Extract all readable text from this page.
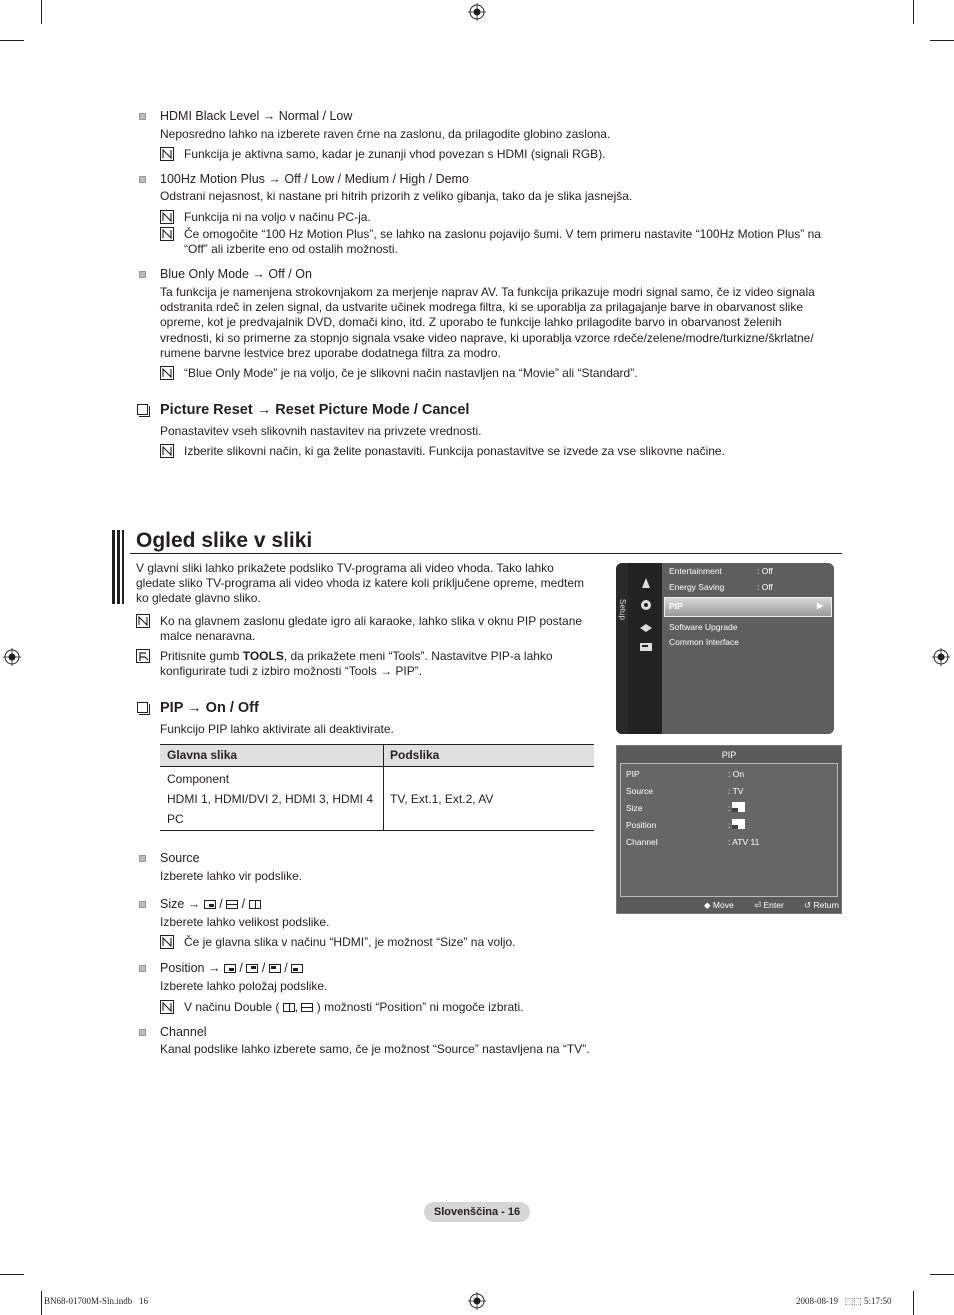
HDMI Black Level → Normal / Low
Neposredno lahko na izberete raven črne na zaslonu, da prilagodite globino zaslona.
Funkcija je aktivna samo, kadar je zunanji vhod povezan s HDMI (signali RGB).
100Hz Motion Plus → Off / Low / Medium / High / Demo
Odstrani nejasnost, ki nastane pri hitrih prizorih z veliko gibanja, tako da je slika jasnejša.
Funkcija ni na voljo v načinu PC-ja.
Če omogočite “100 Hz Motion Plus”, se lahko na zaslonu pojavijo šumi. V tem primeru nastavite “100Hz Motion Plus” na
“Off” ali izberite eno od ostalih možnosti.
Blue Only Mode → Off / On
Ta funkcija je namenjena strokovnjakom za merjenje naprav AV. Ta funkcija prikazuje modri signal samo, če iz video signala
odstranita rdeč in zelen signal, da ustvarite učinek modrega filtra, ki se uporablja za prilagajanje barve in obarvanost slike
opreme, kot je predvajalnik DVD, domači kino, itd. Z uporabo te funkcije lahko prilagodite barvo in obarvanost želenih
vrednosti, ki so primerne za stopnjo signala vsake video naprave, ki uporablja vzorce rdeče/zelene/modre/turkizne/škrlatne/
rumene barvne lestvice brez uporabe dodatnega filtra za modro.
“Blue Only Mode” je na voljo, če je slikovni način nastavljen na “Movie” ali “Standard”.
Picture Reset → Reset Picture Mode / Cancel
Ponastavitev vseh slikovnih nastavitev na privzete vrednosti.
Izberite slikovni način, ki ga želite ponastaviti. Funkcija ponastavitve se izvede za vse slikovne načine.
Ogled slike v sliki
V glavni sliki lahko prikažete podsliko TV-programa ali video vhoda. Tako lahko
gledate sliko TV-programa ali video vhoda iz katere koli priključene opreme, medtem
ko gledate glavno sliko.
Ko na glavnem zaslonu gledate igro ali karaoke, lahko slika v oknu PIP postane
malce nenaravna.
Pritisnite gumb TOOLS, da prikažete meni “Tools”. Nastavitve PIP-a lahko
konfigurirate tudi z izbiro možnosti “Tools → PIP”.
PIP → On / Off
Funkcijo PIP lahko aktivirate ali deaktivirate.
Glavna slika	Podslika
Component
HDMI 1, HDMI/DVI 2, HDMI 3, HDMI 4
PC
TV, Ext.1, Ext.2, AV
Source
Izberete lahko vir podslike.
Size →
/
/
Izberete lahko velikost podslike.
Če je glavna slika v načinu “HDMI”, je možnost “Size” na voljo.
Position →
/
/
/
Izberete lahko položaj podslike.
V načinu Double ( ,
) možnosti “Position” ni mogoče izbrati.
Channel
Kanal podslike lahko izberete samo, če je možnost “Source” nastavljena na “TV”.
Setup
Entertainment	: Off
Energy Saving	: Off
PIP	▶
Software Upgrade
Common Interface
PIP
PIP	: On
Source	: TV
Size	:
Position	:
Channel	: ATV 11
◆ Move ⏎ Enter ↺ Return
Slovenščina - 16
BN68-01700M-Sln.indb   16	2008-08-19   ⬚⬚ 5:17:50
